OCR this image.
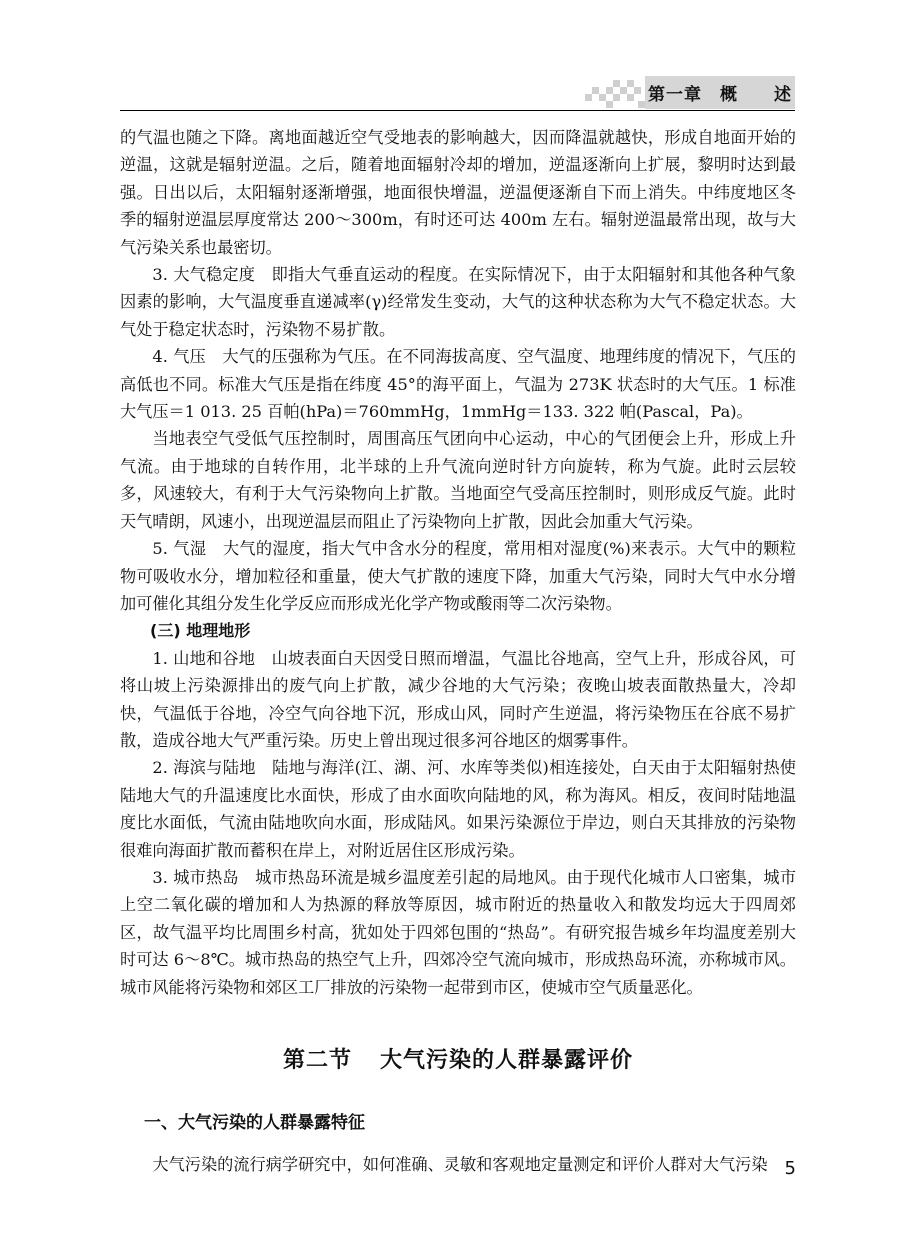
第一章　概　　述

的气温也随之下降。离地面越近空气受地表的影响越大，因而降温就越快，形成自地面开始的逆温，这就是辐射逆温。之后，随着地面辐射冷却的增加，逆温逐渐向上扩展，黎明时达到最强。日出以后，太阳辐射逐渐增强，地面很快增温，逆温便逐渐自下而上消失。中纬度地区冬季的辐射逆温层厚度常达 200～300m，有时还可达 400m 左右。辐射逆温最常出现，故与大气污染关系也最密切。

3. 大气稳定度　即指大气垂直运动的程度。在实际情况下，由于太阳辐射和其他各种气象因素的影响，大气温度垂直递减率(γ)经常发生变动，大气的这种状态称为大气不稳定状态。大气处于稳定状态时，污染物不易扩散。

4. 气压　大气的压强称为气压。在不同海拔高度、空气温度、地理纬度的情况下，气压的高低也不同。标准大气压是指在纬度 45°的海平面上，气温为 273K 状态时的大气压。1 标准大气压＝1 013. 25 百帕(hPa)＝760mmHg，1mmHg＝133. 322 帕(Pascal，Pa)。

当地表空气受低气压控制时，周围高压气团向中心运动，中心的气团便会上升，形成上升气流。由于地球的自转作用，北半球的上升气流向逆时针方向旋转，称为气旋。此时云层较多，风速较大，有利于大气污染物向上扩散。当地面空气受高压控制时，则形成反气旋。此时天气晴朗，风速小，出现逆温层而阻止了污染物向上扩散，因此会加重大气污染。

5. 气湿　大气的湿度，指大气中含水分的程度，常用相对湿度(%)来表示。大气中的颗粒物可吸收水分，增加粒径和重量，使大气扩散的速度下降，加重大气污染，同时大气中水分增加可催化其组分发生化学反应而形成光化学产物或酸雨等二次污染物。

(三) 地理地形

1. 山地和谷地　山坡表面白天因受日照而增温，气温比谷地高，空气上升，形成谷风，可将山坡上污染源排出的废气向上扩散，减少谷地的大气污染；夜晚山坡表面散热量大，冷却快，气温低于谷地，冷空气向谷地下沉，形成山风，同时产生逆温，将污染物压在谷底不易扩散，造成谷地大气严重污染。历史上曾出现过很多河谷地区的烟雾事件。

2. 海滨与陆地　陆地与海洋(江、湖、河、水库等类似)相连接处，白天由于太阳辐射热使陆地大气的升温速度比水面快，形成了由水面吹向陆地的风，称为海风。相反，夜间时陆地温度比水面低，气流由陆地吹向水面，形成陆风。如果污染源位于岸边，则白天其排放的污染物很难向海面扩散而蓄积在岸上，对附近居住区形成污染。

3. 城市热岛　城市热岛环流是城乡温度差引起的局地风。由于现代化城市人口密集，城市上空二氧化碳的增加和人为热源的释放等原因，城市附近的热量收入和散发均远大于四周郊区，故气温平均比周围乡村高，犹如处于四郊包围的“热岛”。有研究报告城乡年均温度差别大时可达 6～8℃。城市热岛的热空气上升，四郊冷空气流向城市，形成热岛环流，亦称城市风。城市风能将污染物和郊区工厂排放的污染物一起带到市区，使城市空气质量恶化。

第二节 大气污染的人群暴露评价
一、大气污染的人群暴露特征

大气污染的流行病学研究中，如何准确、灵敏和客观地定量测定和评价人群对大气污染 5
